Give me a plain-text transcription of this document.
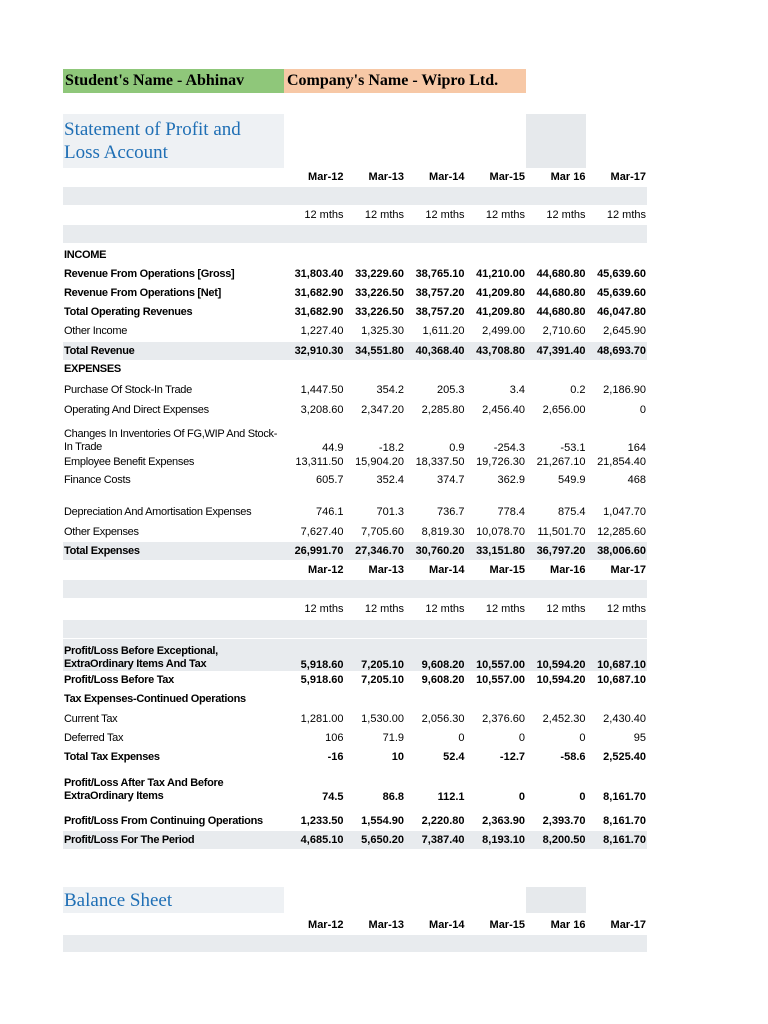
Student's Name - Abhinav	Company's Name - Wipro Ltd.
Statement of Profit and
Loss Account
Mar-12	Mar-13	Mar-14	Mar-15	Mar 16	Mar-17
12 mths	12 mths	12 mths	12 mths	12 mths	12 mths
INCOME
Revenue From Operations [Gross]	31,803.40	33,229.60	38,765.10	41,210.00	44,680.80	45,639.60
Revenue From Operations [Net]	31,682.90	33,226.50	38,757.20	41,209.80	44,680.80	45,639.60
Total Operating Revenues	31,682.90	33,226.50	38,757.20	41,209.80	44,680.80	46,047.80
Other Income	1,227.40	1,325.30	1,611.20	2,499.00	2,710.60	2,645.90
Total Revenue	32,910.30	34,551.80	40,368.40	43,708.80	47,391.40	48,693.70
EXPENSES
Purchase Of Stock-In Trade	1,447.50	354.2	205.3	3.4	0.2	2,186.90
Operating And Direct Expenses	3,208.60	2,347.20	2,285.80	2,456.40	2,656.00	0
Changes In Inventories Of FG,WIP And Stock-In Trade	44.9	-18.2	0.9	-254.3	-53.1	164
Employee Benefit Expenses	13,311.50	15,904.20	18,337.50	19,726.30	21,267.10	21,854.40
Finance Costs	605.7	352.4	374.7	362.9	549.9	468
Depreciation And Amortisation Expenses	746.1	701.3	736.7	778.4	875.4	1,047.70
Other Expenses	7,627.40	7,705.60	8,819.30	10,078.70	11,501.70	12,285.60
Total Expenses	26,991.70	27,346.70	30,760.20	33,151.80	36,797.20	38,006.60
Mar-12	Mar-13	Mar-14	Mar-15	Mar-16	Mar-17
12 mths	12 mths	12 mths	12 mths	12 mths	12 mths
Profit/Loss Before Exceptional, ExtraOrdinary Items And Tax	5,918.60	7,205.10	9,608.20	10,557.00	10,594.20	10,687.10
Profit/Loss Before Tax	5,918.60	7,205.10	9,608.20	10,557.00	10,594.20	10,687.10
Tax Expenses-Continued Operations
Current Tax	1,281.00	1,530.00	2,056.30	2,376.60	2,452.30	2,430.40
Deferred Tax	106	71.9	0	0	0	95
Total Tax Expenses	-16	10	52.4	-12.7	-58.6	2,525.40
Profit/Loss After Tax And Before ExtraOrdinary Items	74.5	86.8	112.1	0	0	8,161.70
Profit/Loss From Continuing Operations	1,233.50	1,554.90	2,220.80	2,363.90	2,393.70	8,161.70
Profit/Loss For The Period	4,685.10	5,650.20	7,387.40	8,193.10	8,200.50	8,161.70
Balance Sheet
Mar-12	Mar-13	Mar-14	Mar-15	Mar 16	Mar-17
